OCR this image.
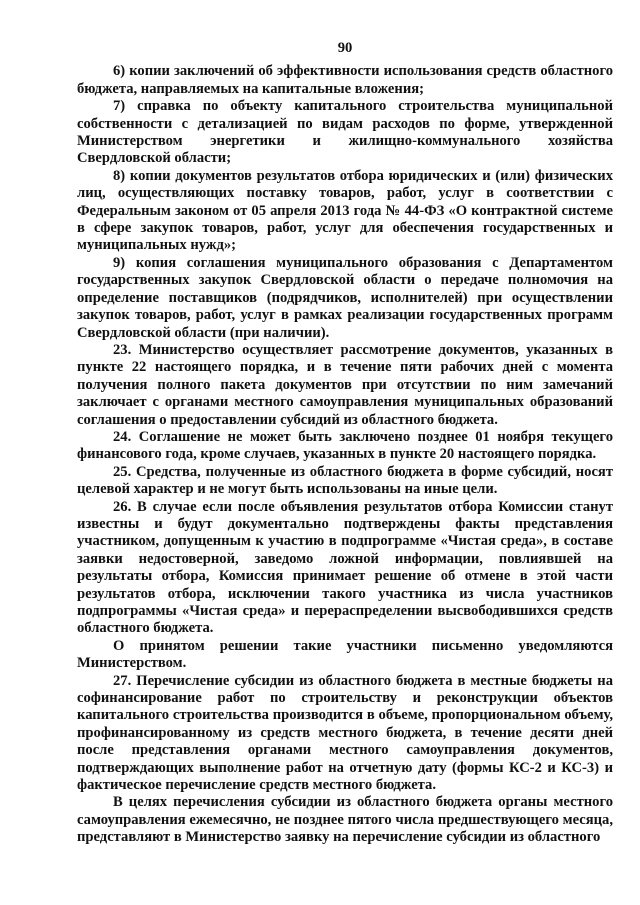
90

6) копии заключений об эффективности использования средств областного бюджета, направляемых на капитальные вложения;

7) справка по объекту капитального строительства муниципальной собственности с детализацией по видам расходов по форме, утвержденной Министерством энергетики и жилищно-коммунального хозяйства Свердловской области;

8) копии документов результатов отбора юридических и (или) физических лиц, осуществляющих поставку товаров, работ, услуг в соответствии с Федеральным законом от 05 апреля 2013 года № 44-ФЗ «О контрактной системе в сфере закупок товаров, работ, услуг для обеспечения государственных и муниципальных нужд»;

9) копия соглашения муниципального образования с Департаментом государственных закупок Свердловской области о передаче полномочия на определение поставщиков (подрядчиков, исполнителей) при осуществлении закупок товаров, работ, услуг в рамках реализации государственных программ Свердловской области (при наличии).

23. Министерство осуществляет рассмотрение документов, указанных в пункте 22 настоящего порядка, и в течение пяти рабочих дней с момента получения полного пакета документов при отсутствии по ним замечаний заключает с органами местного самоуправления муниципальных образований соглашения о предоставлении субсидий из областного бюджета.

24. Соглашение не может быть заключено позднее 01 ноября текущего финансового года, кроме случаев, указанных в пункте 20 настоящего порядка.

25. Средства, полученные из областного бюджета в форме субсидий, носят целевой характер и не могут быть использованы на иные цели.

26. В случае если после объявления результатов отбора Комиссии станут известны и будут документально подтверждены факты представления участником, допущенным к участию в подпрограмме «Чистая среда», в составе заявки недостоверной, заведомо ложной информации, повлиявшей на результаты отбора, Комиссия принимает решение об отмене в этой части результатов отбора, исключении такого участника из числа участников подпрограммы «Чистая среда» и перераспределении высвободившихся средств областного бюджета.

О принятом решении такие участники письменно уведомляются Министерством.

27. Перечисление субсидии из областного бюджета в местные бюджеты на софинансирование работ по строительству и реконструкции объектов капитального строительства производится в объеме, пропорциональном объему, профинансированному из средств местного бюджета, в течение десяти дней после представления органами местного самоуправления документов, подтверждающих выполнение работ на отчетную дату (формы КС-2 и КС-3) и фактическое перечисление средств местного бюджета.

В целях перечисления субсидии из областного бюджета органы местного самоуправления ежемесячно, не позднее пятого числа предшествующего месяца, представляют в Министерство заявку на перечисление субсидии из областного
